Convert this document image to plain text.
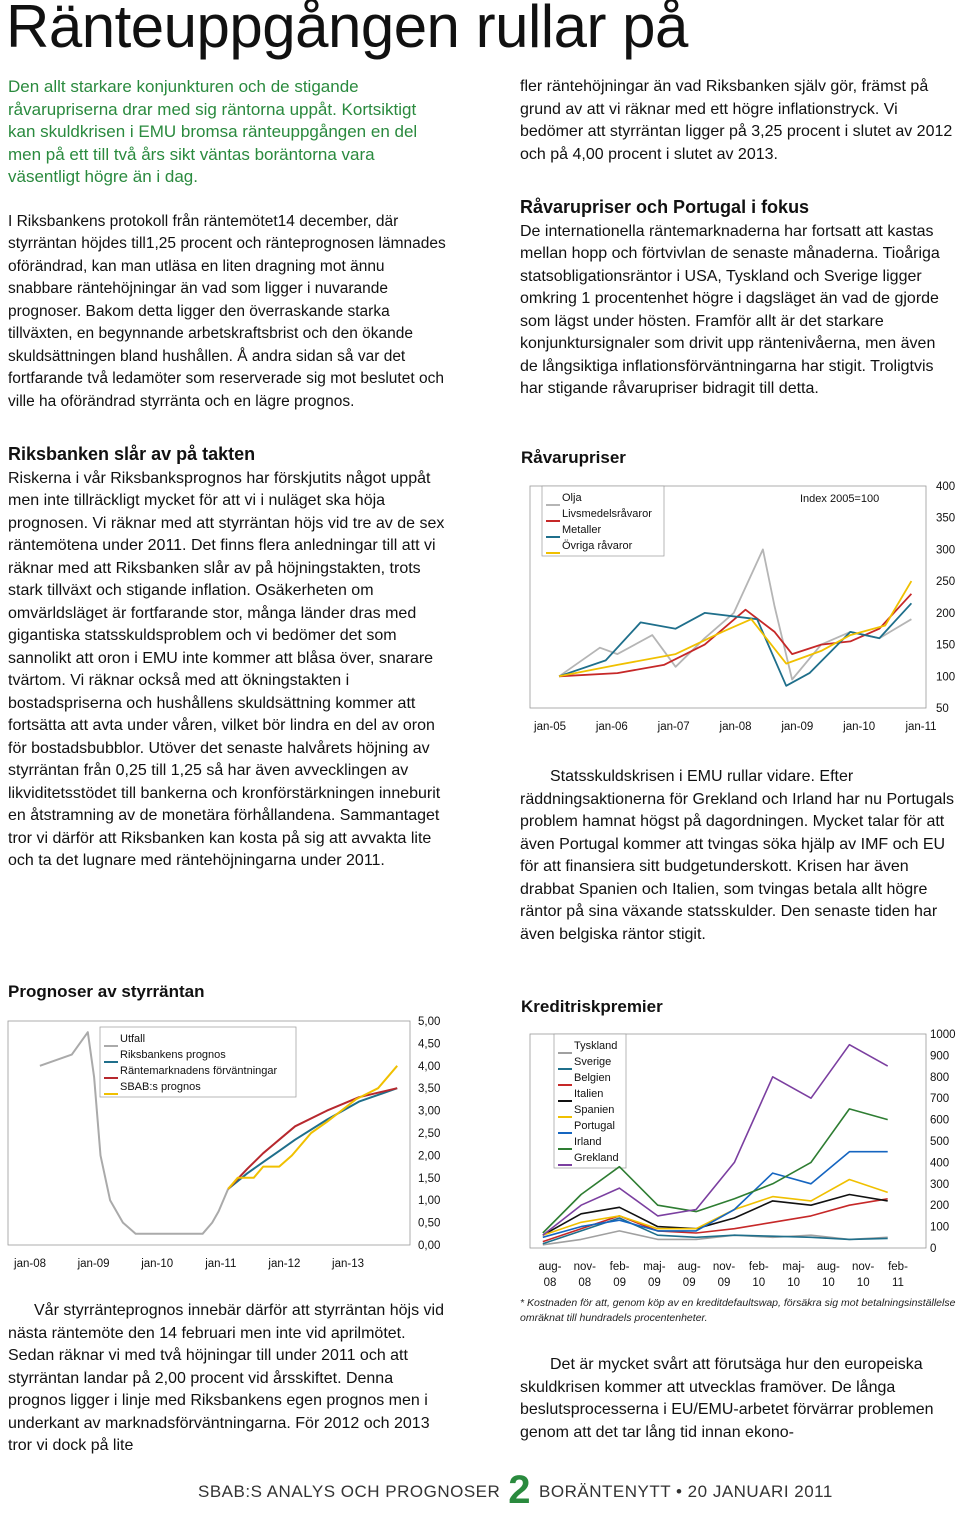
Ränteuppgången rullar på

Den allt starkare konjunkturen och de stigande råvarupriserna drar med sig räntorna uppåt. Kortsiktigt kan skuldkrisen i EMU bromsa ränteuppgången en del men på ett till två års sikt väntas boräntorna vara väsentligt högre än i dag.

I Riksbankens protokoll från räntemötet14 december, där styrräntan höjdes till1,25 procent och ränteprognosen lämnades oförändrad, kan man utläsa en liten dragning mot ännu snabbare räntehöjningar än vad som ligger i nuvarande prognoser. Bakom detta ligger den överraskande starka tillväxten, en begynnande arbetskraftsbrist och den ökande skuldsättningen bland hushållen. Å andra sidan så var det fortfarande två ledamöter som reserverade sig mot beslutet och ville ha oförändrad styrränta och en lägre prognos.

Riksbanken slår av på takten

Riskerna i vår Riksbanksprognos har förskjutits något uppåt men inte tillräckligt mycket för att vi i nuläget ska höja prognosen. Vi räknar med att styrräntan höjs vid tre av de sex räntemötena under 2011. Det finns flera anledningar till att vi räknar med att Riksbanken slår av på höjningstakten, trots stark tillväxt och stigande inflation. Osäkerheten om omvärldsläget är fortfarande stor, många länder dras med gigantiska statsskuldsproblem och vi bedömer det som sannolikt att oron i EMU inte kommer att blåsa över, snarare tvärtom. Vi räknar också med att ökningstakten i bostadspriserna och hushållens skuldsättning kommer att fortsätta att avta under våren, vilket bör lindra en del av oron för bostadsbubblor. Utöver det senaste halvårets höjning av styrräntan från 0,25 till 1,25 så har även avvecklingen av likviditetsstödet till bankerna och kronförstärkningen inneburit en åtstramning av de monetära förhållandena. Sammantaget tror vi därför att Riksbanken kan kosta på sig att avvakta lite och ta det lugnare med räntehöjningarna under 2011.

Prognoser av styrräntan
5,00
4,50
4,00
3,50
3,00
2,50
2,00
1,50
1,00
0,50
0,00
jan-08	jan-09	jan-10	jan-11	jan-12	jan-13
Utfall
Riksbankens prognos
Räntemarknadens förväntningar
SBAB:s prognos

Vår styrränteprognos innebär därför att styrräntan höjs vid nästa räntemöte den 14 februari men inte vid aprilmötet. Sedan räknar vi med två höjningar till under 2011 och att styrräntan landar på 2,00 procent vid årsskiftet. Denna prognos ligger i linje med Riksbankens egen prognos men i underkant av marknadsförväntningarna. För 2012 och 2013 tror vi dock på lite

fler räntehöjningar än vad Riksbanken själv gör, främst på grund av att vi räknar med ett högre inflationstryck. Vi bedömer att styrräntan ligger på 3,25 procent i slutet av 2012 och på 4,00 procent i slutet av 2013.

Råvarupriser och Portugal i fokus

De internationella räntemarknaderna har fortsatt att kastas mellan hopp och förtvivlan de senaste månaderna. Tioåriga statsobligationsräntor i USA, Tyskland och Sverige ligger omkring 1 procentenhet högre i dagsläget än vad de gjorde som lägst under hösten. Framför allt är det starkare konjunktursignaler som drivit upp räntenivåerna, men även de långsiktiga inflationsförväntningarna har stigit. Troligtvis har stigande råvarupriser bidragit till detta.

Råvarupriser
400
350
300
250
200
150
100
50
jan-05	jan-06	jan-07	jan-08	jan-09	jan-10	jan-11
Olja
Livsmedelsråvaror
Metaller
Övriga råvaror
Index 2005=100

Statsskuldskrisen i EMU rullar vidare. Efter räddningsaktionerna för Grekland och Irland har nu Portugals problem hamnat högst på dagordningen. Mycket talar för att även Portugal kommer att tvingas söka hjälp av IMF och EU för att finansiera sitt budgetunderskott. Krisen har även drabbat Spanien och Italien, som tvingas betala allt högre räntor på sina växande statsskulder. Den senaste tiden har även belgiska räntor stigit.

Kreditriskpremier
1000
900
800
700
600
500
400
300
200
100
0
aug-
08
nov-
08
feb-
09
maj-
09
aug-
09
nov-
09
feb-
10
maj-
10
aug-
10
nov-
10
feb-
11
Tyskland
Sverige
Belgien
Italien
Spanien
Portugal
Irland
Grekland
* Kostnaden för att, genom köp av en kreditdefaultswap, försäkra sig mot betalningsinställelse omräknat till hundradels procentenheter.

Det är mycket svårt att förutsäga hur den europeiska skuldkrisen kommer att utvecklas framöver. De långa beslutsprocesserna i EU/EMU-arbetet förvärrar problemen genom att det tar lång tid innan ekono-

SBAB:S ANALYS OCH PROGNOSER 2 BORÄNTENYTT • 20 JANUARI 2011
